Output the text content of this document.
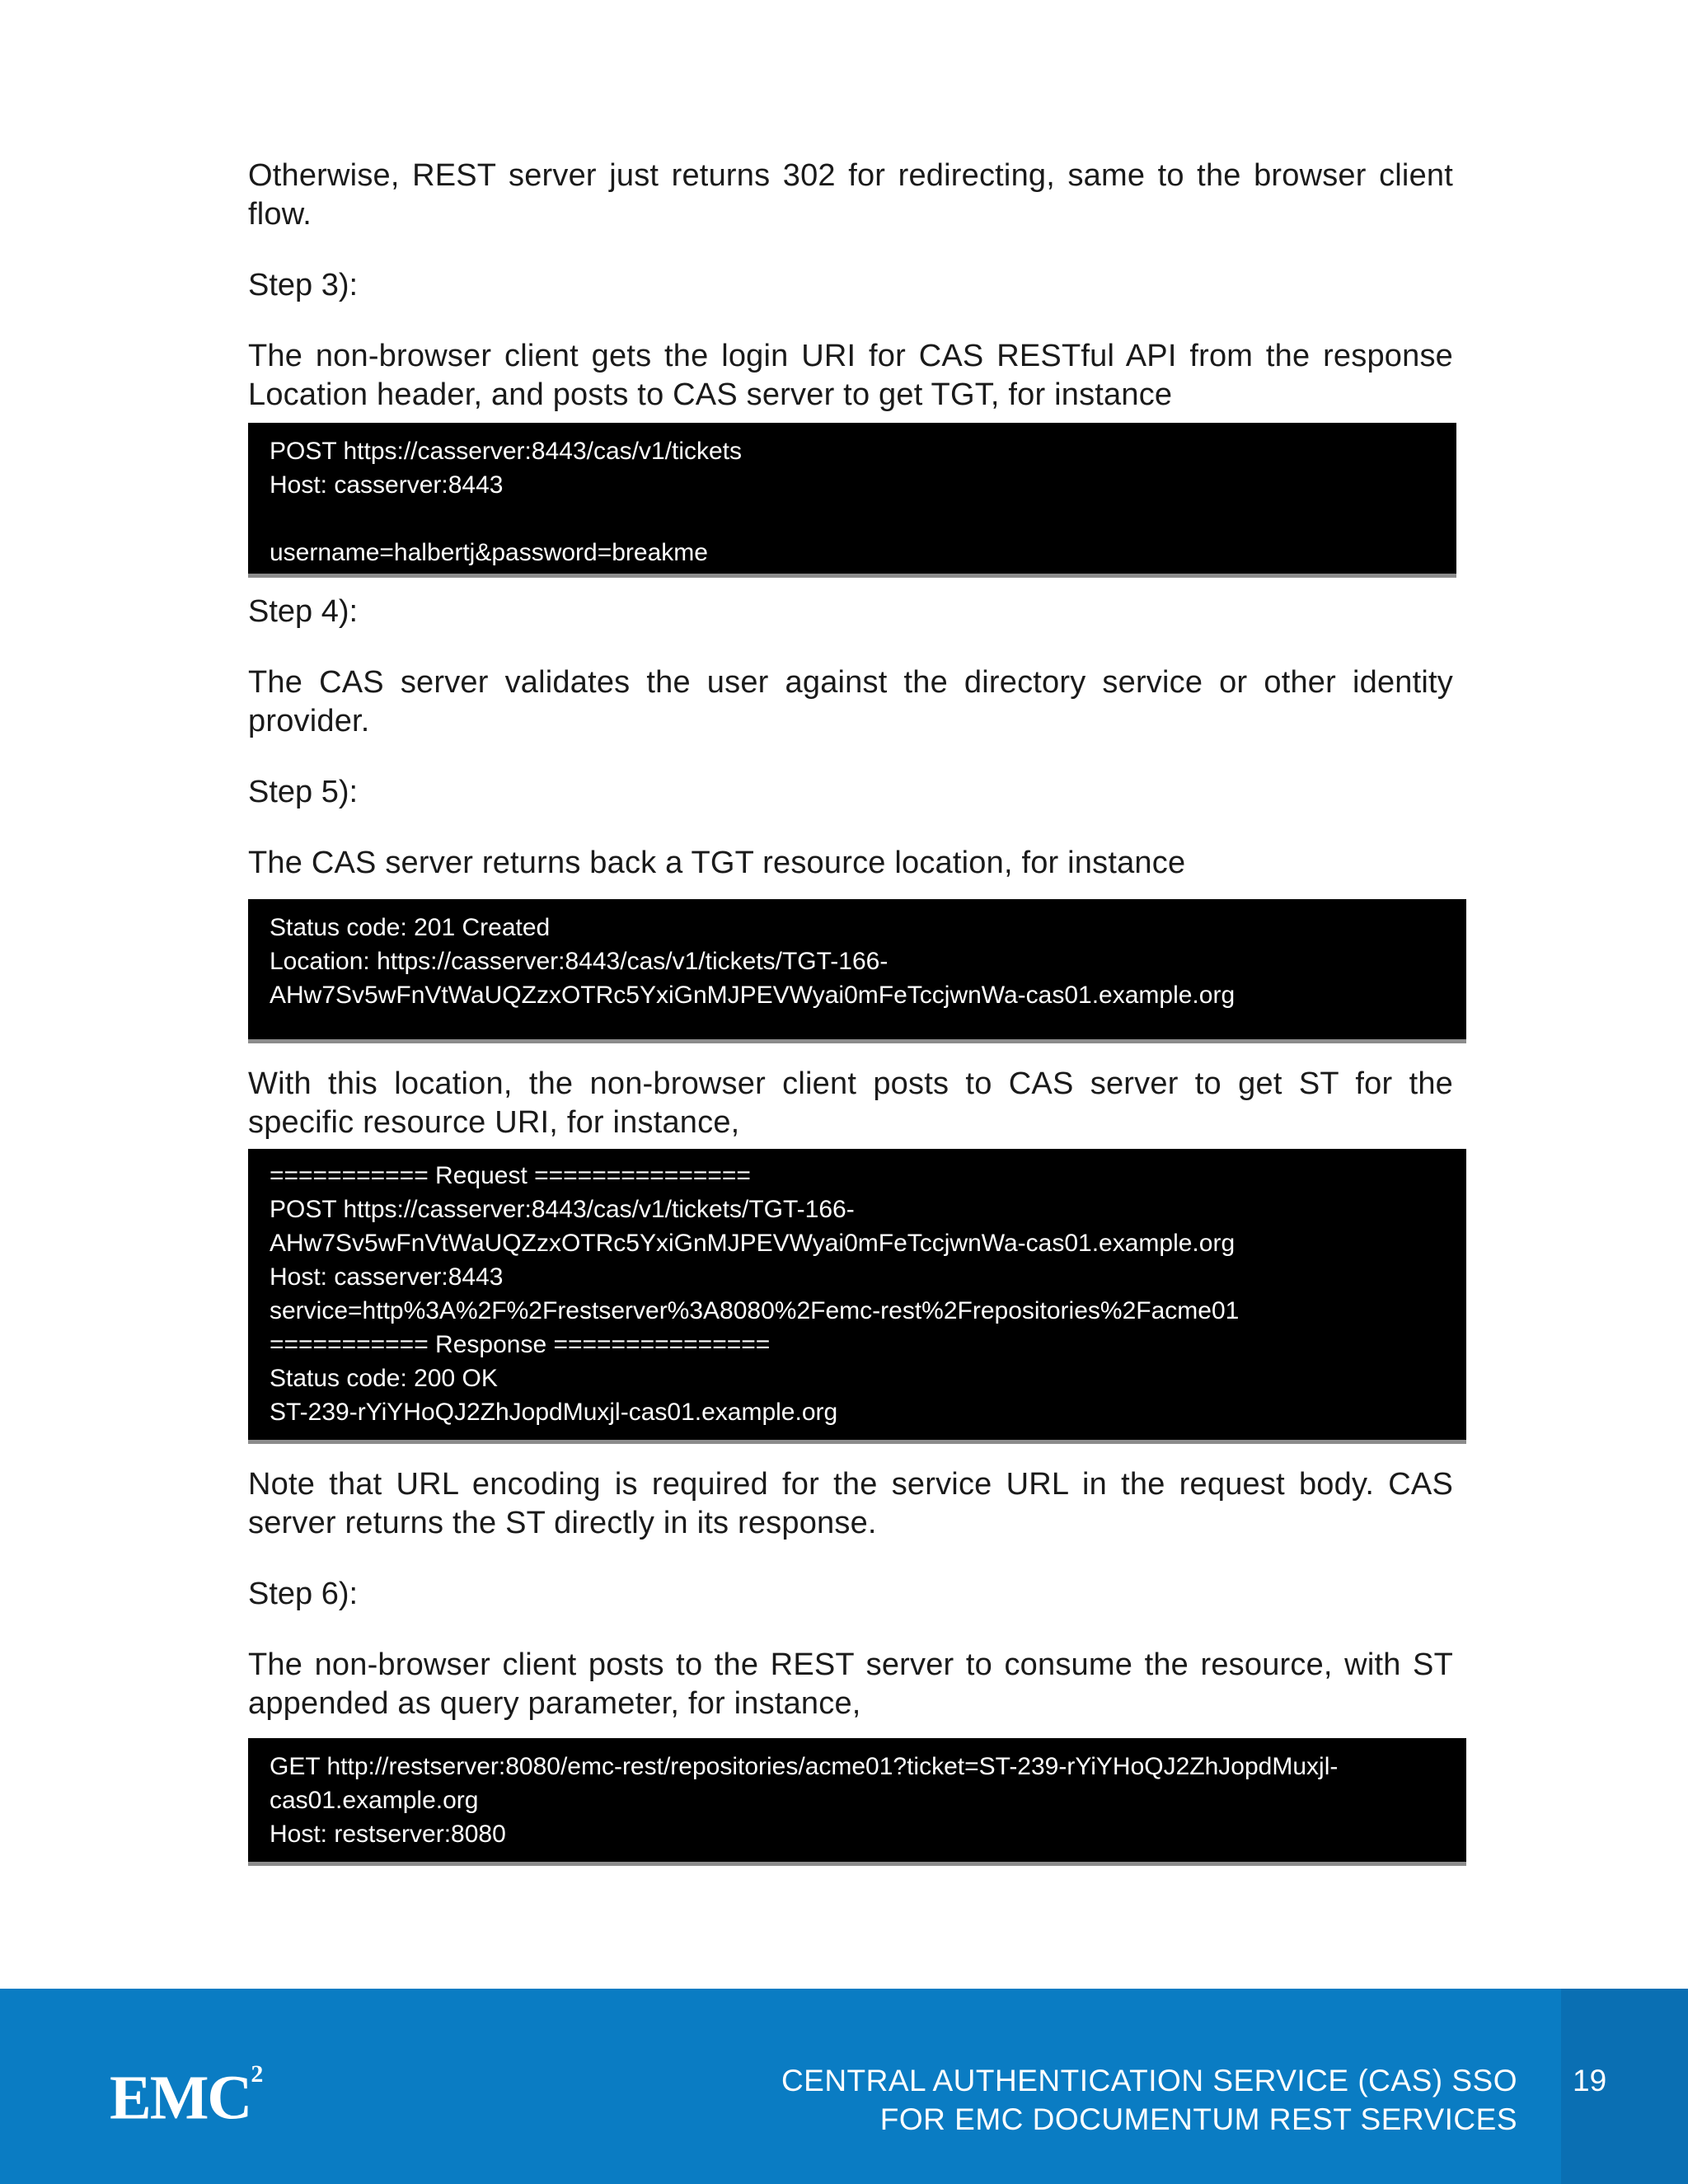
Otherwise, REST server just returns 302 for redirecting, same to the browser client flow.

Step 3):

The non-browser client gets the login URI for CAS RESTful API from the response Location header, and posts to CAS server to get TGT, for instance

POST https://casserver:8443/cas/v1/tickets
Host: casserver:8443
username=halbertj&password=breakme
Step 4):

The CAS server validates the user against the directory service or other identity provider.

Step 5):

The CAS server returns back a TGT resource location, for instance

Status code: 201 Created
Location: https://casserver:8443/cas/v1/tickets/TGT-166-
AHw7Sv5wFnVtWaUQZzxOTRc5YxiGnMJPEVWyai0mFeTccjwnWa-cas01.example.org

With this location, the non-browser client posts to CAS server to get ST for the specific resource URI, for instance,

=========== Request ===============
POST https://casserver:8443/cas/v1/tickets/TGT-166-
AHw7Sv5wFnVtWaUQZzxOTRc5YxiGnMJPEVWyai0mFeTccjwnWa-cas01.example.org
Host: casserver:8443
service=http%3A%2F%2Frestserver%3A8080%2Femc-rest%2Frepositories%2Facme01
=========== Response ===============
Status code: 200 OK
ST-239-rYiYHoQJ2ZhJopdMuxjl-cas01.example.org

Note that URL encoding is required for the service URL in the request body. CAS server returns the ST directly in its response.

Step 6):

The non-browser client posts to the REST server to consume the resource, with ST appended as query parameter, for instance,

GET http://restserver:8080/emc-rest/repositories/acme01?ticket=ST-239-rYiYHoQJ2ZhJopdMuxjl-
cas01.example.org
Host: restserver:8080
EMC$^2$	CENTRAL AUTHENTICATION SERVICE (CAS) SSO
FOR EMC DOCUMENTUM REST SERVICES
19
